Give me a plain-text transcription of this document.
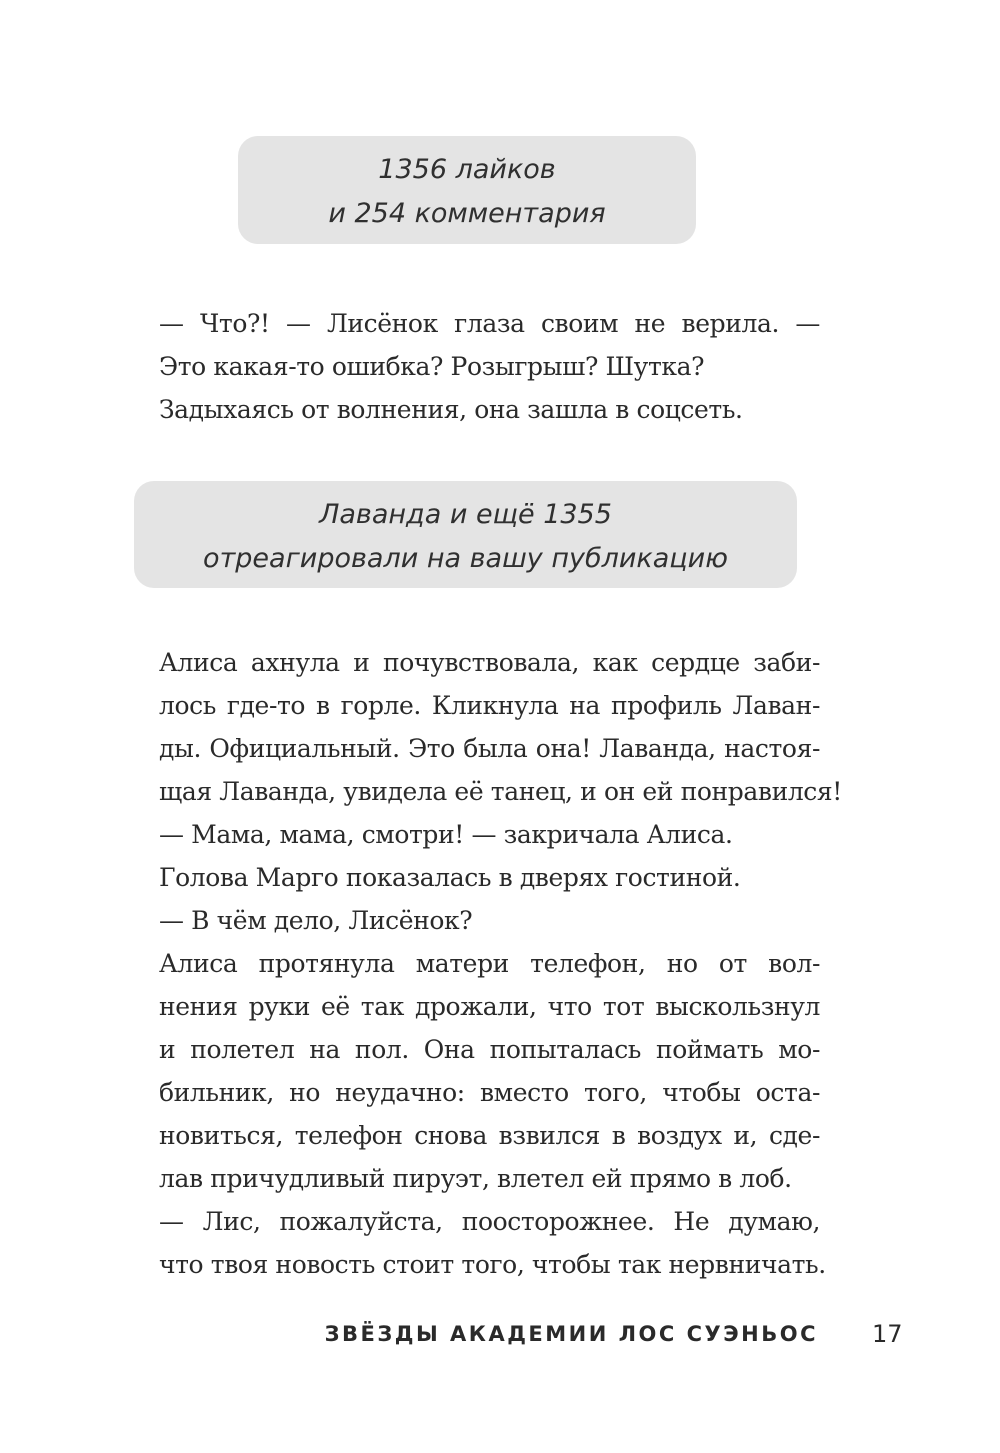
1356 лайков
и 254 комментария

— Что?! — Лисёнок глаза своим не верила. —
Это какая-то ошибка? Розыгрыш? Шутка?

Задыхаясь от волнения, она зашла в соцсеть.

Лаванда и ещё 1355
отреагировали на вашу публикацию

Алиса ахнула и почувствовала, как сердце заби-
лось где-то в горле. Кликнула на профиль Лаван-
ды. Официальный. Это была она! Лаванда, настоя-
щая Лаванда, увидела её танец, и он ей понравился!

— Мама, мама, смотри! — закричала Алиса.

Голова Марго показалась в дверях гостиной.

— В чём дело, Лисёнок?

Алиса протянула матери телефон, но от вол-
нения руки её так дрожали, что тот выскользнул
и полетел на пол. Она попыталась поймать мо-
бильник, но неудачно: вместо того, чтобы оста-
новиться, телефон снова взвился в воздух и, сде-
лав причудливый пируэт, влетел ей прямо в лоб.

— Лис, пожалуйста, поосторожнее. Не думаю,
что твоя новость стоит того, чтобы так нервничать.

ЗВЁЗДЫ АКАДЕМИИ ЛОС СУЭНЬОС 17
